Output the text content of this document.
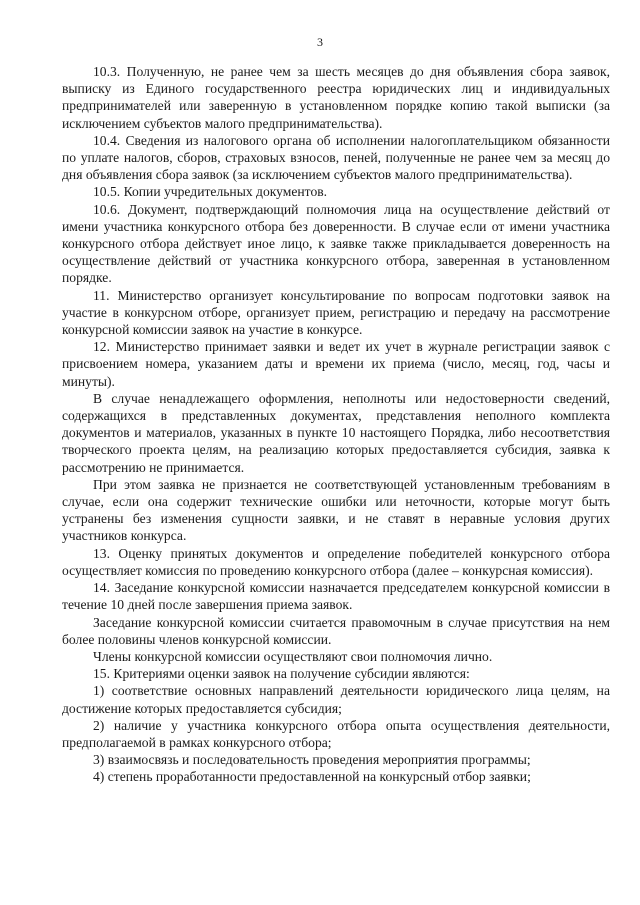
3

10.3. Полученную, не ранее чем за шесть месяцев до дня объявления сбора заявок, выписку из Единого государственного реестра юридических лиц и индивидуальных предпринимателей или заверенную в установленном порядке копию такой выписки (за исключением субъектов малого предпринимательства).

10.4. Сведения из налогового органа об исполнении налогоплательщиком обязанности по уплате налогов, сборов, страховых взносов, пеней, полученные не ранее чем за месяц до дня объявления сбора заявок (за исключением субъектов малого предпринимательства).

10.5. Копии учредительных документов.

10.6. Документ, подтверждающий полномочия лица на осуществление действий от имени участника конкурсного отбора без доверенности. В случае если от имени участника конкурсного отбора действует иное лицо, к заявке также прикладывается доверенность на осуществление действий от участника конкурсного отбора, заверенная в установленном порядке.

11. Министерство организует консультирование по вопросам подготовки заявок на участие в конкурсном отборе, организует прием, регистрацию и передачу на рассмотрение конкурсной комиссии заявок на участие в конкурсе.

12. Министерство принимает заявки и ведет их учет в журнале регистрации заявок с присвоением номера, указанием даты и времени их приема (число, месяц, год, часы и минуты).

В случае ненадлежащего оформления, неполноты или недостоверности сведений, содержащихся в представленных документах, представления неполного комплекта документов и материалов, указанных в пункте 10 настоящего Порядка, либо несоответствия творческого проекта целям, на реализацию которых предоставляется субсидия, заявка к рассмотрению не принимается.

При этом заявка не признается не соответствующей установленным требованиям в случае, если она содержит технические ошибки или неточности, которые могут быть устранены без изменения сущности заявки, и не ставят в неравные условия других участников конкурса.

13. Оценку принятых документов и определение победителей конкурсного отбора осуществляет комиссия по проведению конкурсного отбора (далее – конкурсная комиссия).

14. Заседание конкурсной комиссии назначается председателем конкурсной комиссии в течение 10 дней после завершения приема заявок.

Заседание конкурсной комиссии считается правомочным в случае присутствия на нем более половины членов конкурсной комиссии.

Члены конкурсной комиссии осуществляют свои полномочия лично.

15. Критериями оценки заявок на получение субсидии являются:

1) соответствие основных направлений деятельности юридического лица целям, на достижение которых предоставляется субсидия;

2) наличие у участника конкурсного отбора опыта осуществления деятельности, предполагаемой в рамках конкурсного отбора;

3) взаимосвязь и последовательность проведения мероприятия программы;

4) степень проработанности предоставленной на конкурсный отбор заявки;
